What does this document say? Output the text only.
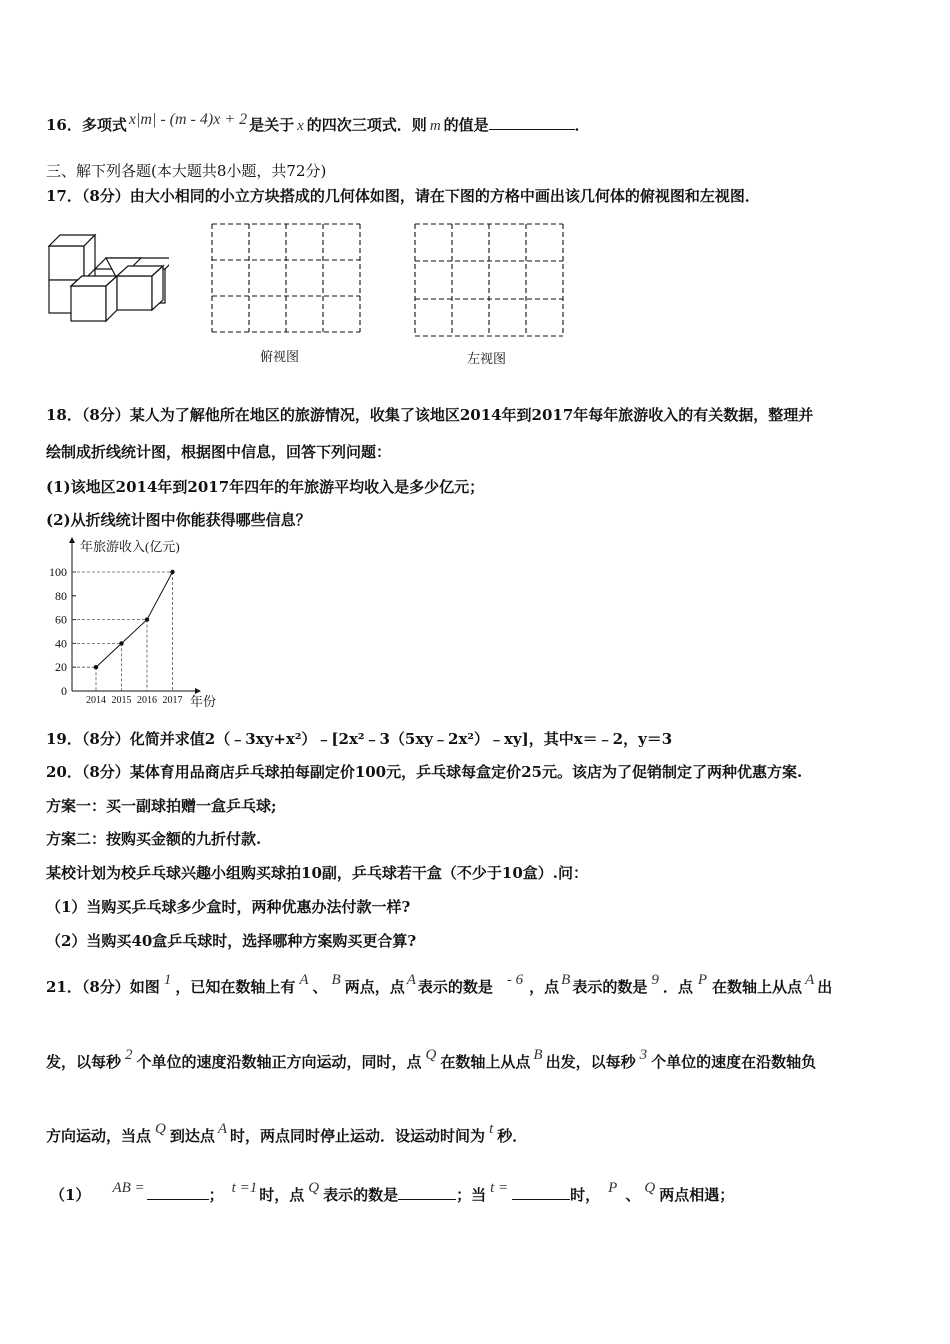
16．多项式 x|m| - (m - 4)x + 2 是关于 x 的四次三项式．则 m 的值是	．
三、解下列各题(本大题共8小题，共72分)
17．（8分）由大小相同的小立方块搭成的几何体如图，请在下图的方格中画出该几何体的俯视图和左视图．
俯视图	左视图
18．（8分）某人为了解他所在地区的旅游情况，收集了该地区2014年到2017年每年旅游收入的有关数据，整理并
绘制成折线统计图，根据图中信息，回答下列问题：
(1)该地区2014年到2017年四年的年旅游平均收入是多少亿元；
(2)从折线统计图中你能获得哪些信息？
年旅游收入(亿元)
年份
0
20
40
60
80
100
2014 2015 2016 2017
19．（8分）化简并求值2（﹣3xy+x²）﹣[2x²﹣3（5xy﹣2x²）﹣xy]，其中x＝﹣2，y＝3
20．（8分）某体育用品商店乒乓球拍每副定价100元，乒乓球每盒定价25元。该店为了促销制定了两种优惠方案.
方案一：买一副球拍赠一盒乒乓球;
方案二：按购买金额的九折付款.
某校计划为校乒乓球兴趣小组购买球拍10副，乒乓球若干盒（不少于10盒）.问：
（1）当购买乒乓球多少盒时，两种优惠办法付款一样?
（2）当购买40盒乒乓球时，选择哪种方案购买更合算?
21．（8分）如图 1 ，已知在数轴上有 A 、 B 两点，点 A 表示的数是 - 6 ，点 B 表示的数是 9 ．点 P 在数轴上从点 A 出
发，以每秒 2 个单位的速度沿数轴正方向运动，同时，点 Q 在数轴上从点 B 出发，以每秒 3 个单位的速度在沿数轴负
方向运动，当点 Q 到达点 A 时，两点同时停止运动．设运动时间为 t 秒．
（1） AB =	； t =1 时，点 Q 表示的数是	；当 t =	时， P 、 Q 两点相遇；
